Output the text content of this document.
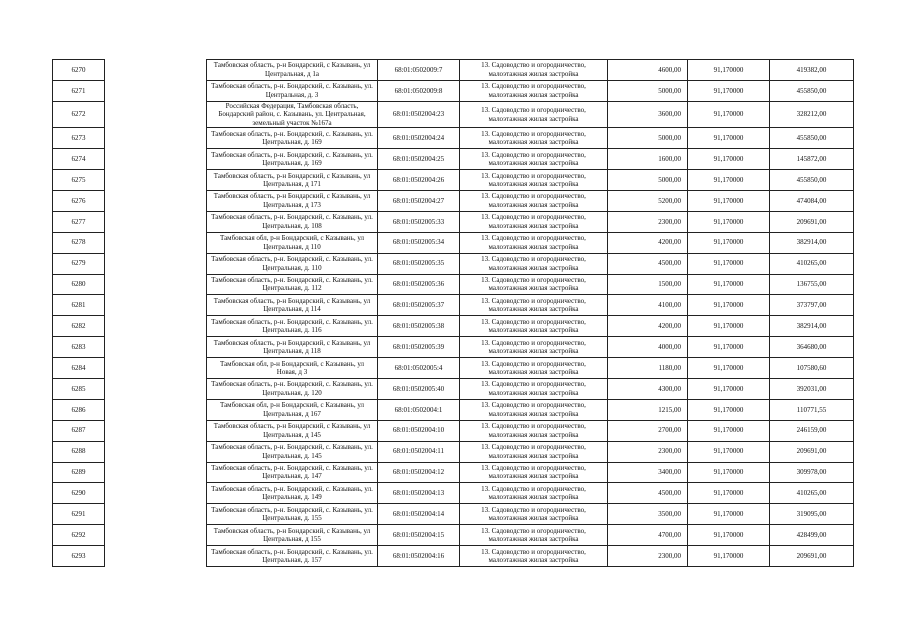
6270		Тамбовская область, р-н Бондарский, с Казывань, ул Центральная, д 1а	68:01:0502009:7	13. Садоводство и огородничество, малоэтажная жилая застройка	4600,00	91,170000	419382,00
6271		Тамбовская область, р-н. Бондарский, с. Казывань, ул. Центральная, д. 3	68:01:0502009:8	13. Садоводство и огородничество, малоэтажная жилая застройка	5000,00	91,170000	455850,00
6272		Российская Федерация, Тамбовская область, Бондарский район, с. Казывань, ул. Центральная, земельный участок №167а	68:01:0502004:23	13. Садоводство и огородничество, малоэтажная жилая застройка	3600,00	91,170000	328212,00
6273		Тамбовская область, р-н. Бондарский, с. Казывань, ул. Центральная, д. 169	68:01:0502004:24	13. Садоводство и огородничество, малоэтажная жилая застройка	5000,00	91,170000	455850,00
6274		Тамбовская область, р-н. Бондарский, с. Казывань, ул. Центральная, д. 169	68:01:0502004:25	13. Садоводство и огородничество, малоэтажная жилая застройка	1600,00	91,170000	145872,00
6275		Тамбовская область, р-н Бондарский, с Казывань, ул Центральная, д 171	68:01:0502004:26	13. Садоводство и огородничество, малоэтажная жилая застройка	5000,00	91,170000	455850,00
6276		Тамбовская область, р-н Бондарский, с Казывань, ул Центральная, д 173	68:01:0502004:27	13. Садоводство и огородничество, малоэтажная жилая застройка	5200,00	91,170000	474084,00
6277		Тамбовская область, р-н. Бондарский, с. Казывань, ул. Центральная, д. 108	68:01:0502005:33	13. Садоводство и огородничество, малоэтажная жилая застройка	2300,00	91,170000	209691,00
6278		Тамбовская обл, р-н Бондарский, с Казывань, ул Центральная, д 110	68:01:0502005:34	13. Садоводство и огородничество, малоэтажная жилая застройка	4200,00	91,170000	382914,00
6279		Тамбовская область, р-н. Бондарский, с. Казывань, ул. Центральная, д. 110	68:01:0502005:35	13. Садоводство и огородничество, малоэтажная жилая застройка	4500,00	91,170000	410265,00
6280		Тамбовская область, р-н. Бондарский, с. Казывань, ул. Центральная, д. 112	68:01:0502005:36	13. Садоводство и огородничество, малоэтажная жилая застройка	1500,00	91,170000	136755,00
6281		Тамбовская область, р-н Бондарский, с Казывань, ул Центральная, д 114	68:01:0502005:37	13. Садоводство и огородничество, малоэтажная жилая застройка	4100,00	91,170000	373797,00
6282		Тамбовская область, р-н. Бондарский, с. Казывань, ул. Центральная, д. 116	68:01:0502005:38	13. Садоводство и огородничество, малоэтажная жилая застройка	4200,00	91,170000	382914,00
6283		Тамбовская область, р-н Бондарский, с Казывань, ул Центральная, д 118	68:01:0502005:39	13. Садоводство и огородничество, малоэтажная жилая застройка	4000,00	91,170000	364680,00
6284		Тамбовская обл, р-н Бондарский, с Казывань, ул Новая, д 3	68:01:0502005:4	13. Садоводство и огородничество, малоэтажная жилая застройка	1180,00	91,170000	107580,60
6285		Тамбовская область, р-н. Бондарский, с. Казывань, ул. Центральная, д. 120	68:01:0502005:40	13. Садоводство и огородничество, малоэтажная жилая застройка	4300,00	91,170000	392031,00
6286		Тамбовская обл, р-н Бондарский, с Казывань, ул Центральная, д 167	68:01:0502004:1	13. Садоводство и огородничество, малоэтажная жилая застройка	1215,00	91,170000	110771,55
6287		Тамбовская область, р-н Бондарский, с Казывань, ул Центральная, д 145	68:01:0502004:10	13. Садоводство и огородничество, малоэтажная жилая застройка	2700,00	91,170000	246159,00
6288		Тамбовская область, р-н. Бондарский, с. Казывань, ул. Центральная, д. 145	68:01:0502004:11	13. Садоводство и огородничество, малоэтажная жилая застройка	2300,00	91,170000	209691,00
6289		Тамбовская область, р-н. Бондарский, с. Казывань, ул. Центральная, д. 147	68:01:0502004:12	13. Садоводство и огородничество, малоэтажная жилая застройка	3400,00	91,170000	309978,00
6290		Тамбовская область, р-н. Бондарский, с. Казывань, ул. Центральная, д. 149	68:01:0502004:13	13. Садоводство и огородничество, малоэтажная жилая застройка	4500,00	91,170000	410265,00
6291		Тамбовская область, р-н. Бондарский, с. Казывань, ул. Центральная, д. 155	68:01:0502004:14	13. Садоводство и огородничество, малоэтажная жилая застройка	3500,00	91,170000	319095,00
6292		Тамбовская область, р-н Бондарский, с Казывань, ул Центральная, д 155	68:01:0502004:15	13. Садоводство и огородничество, малоэтажная жилая застройка	4700,00	91,170000	428499,00
6293		Тамбовская область, р-н. Бондарский, с. Казывань, ул. Центральная, д. 157	68:01:0502004:16	13. Садоводство и огородничество, малоэтажная жилая застройка	2300,00	91,170000	209691,00
